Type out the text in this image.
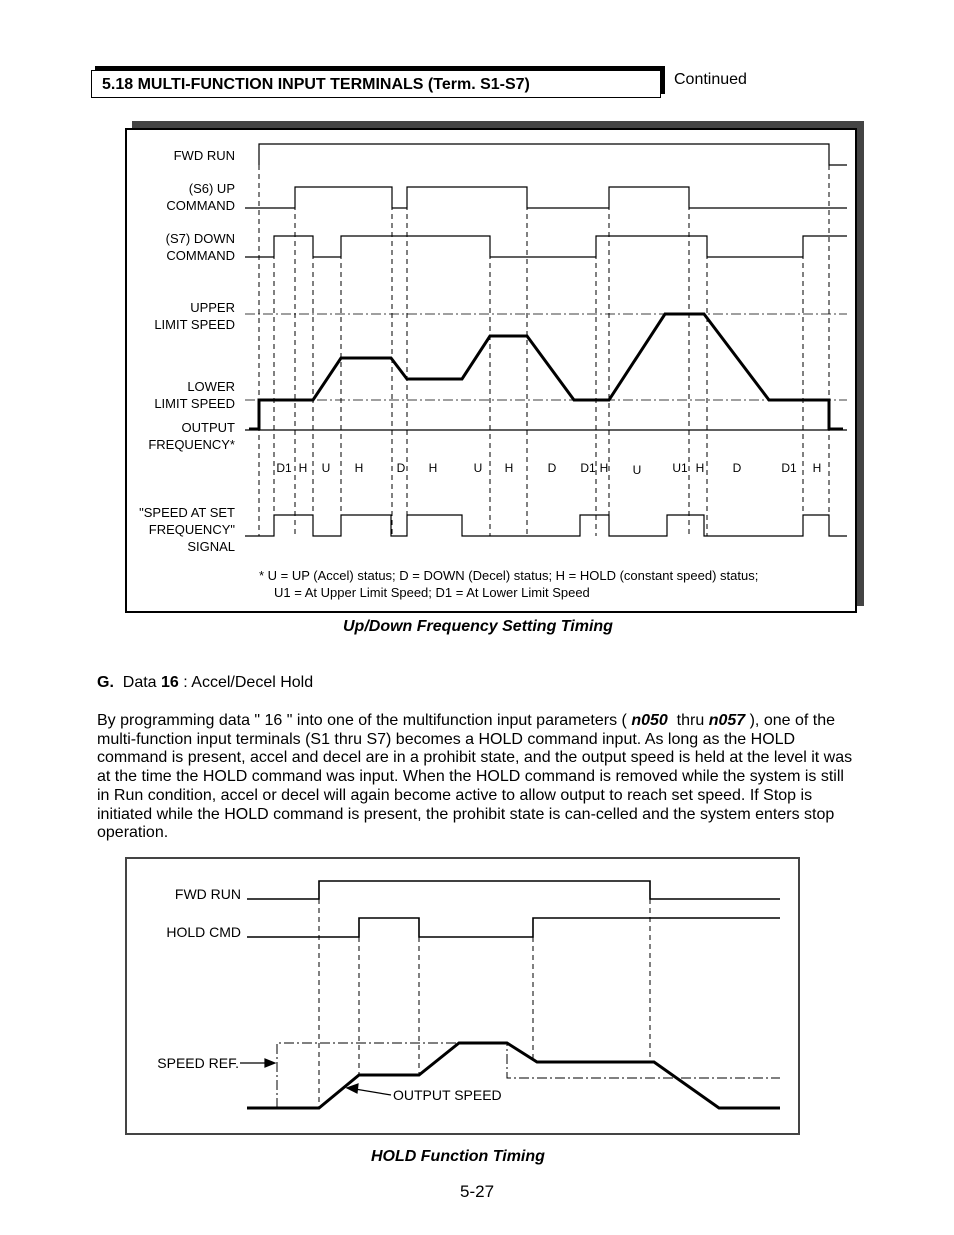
5.18 MULTI-FUNCTION INPUT TERMINALS (Term. S1-S7)	Continued
FWD RUN
(S6) UP
COMMAND
(S7) DOWN
COMMAND
UPPER
LIMIT SPEED
LOWER
LIMIT SPEED
OUTPUT
FREQUENCY*
"SPEED AT SET
FREQUENCY"
SIGNAL
D1 H U H	D H	U H	D D1 H U	U1 H D	D1 H
* U = UP (Accel) status; D = DOWN (Decel) status; H = HOLD (constant speed) status;
U1 = At Upper Limit Speed; D1 = At Lower Limit Speed
Up/Down Frequency Setting Timing
G. Data 16 : Accel/Decel Hold

By programming data " 16 " into one of the multifunction input parameters ( n050  thru n057 ), one of the multi-function input terminals (S1 thru S7) becomes a HOLD command input. As long as the HOLD command is present, accel and decel are in a prohibit state, and the output speed is held at the level it was at the time the HOLD command was input. When the HOLD command is removed while the system is still in Run condition, accel or decel will again become active to allow output to reach set speed. If Stop is initiated while the HOLD command is present, the prohibit state is can-celled and the system enters stop operation.

FWD RUN
HOLD CMD
SPEED REF.
OUTPUT SPEED
HOLD Function Timing
5-27
